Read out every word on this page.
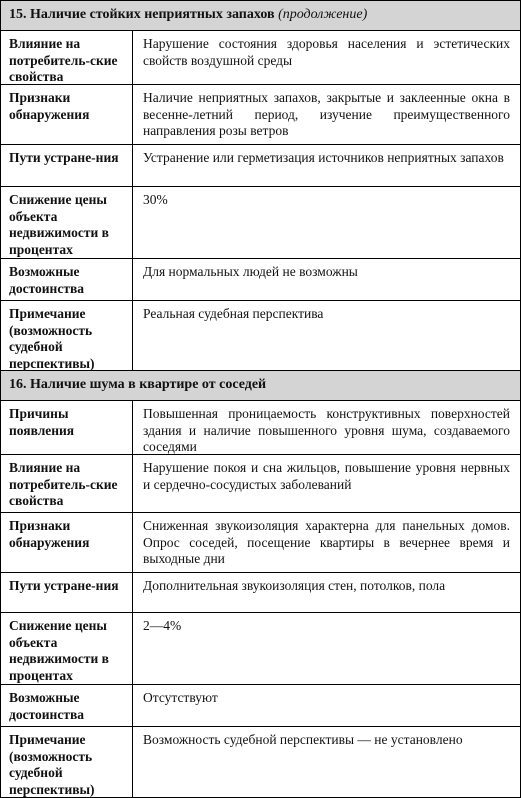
15. Наличие стойких неприятных запахов (продолжение)
Влияние на потребитель-ские свойства
Нарушение состояния здоровья населения и эстетических свойств воздушной среды
Признаки обнаружения
Наличие неприятных запахов, закрытые и заклеенные окна в весенне-летний период, изучение преимущественного направления розы ветров
Пути устране-ния	Устранение или герметизация источников неприятных запахов
Снижение цены объекта недвижимости в процентах
30%
Возможные достоинства
Для нормальных людей не возможны
Примечание (возможность судебной перспективы)
Реальная судебная перспектива
16. Наличие шума в квартире от соседей
Причины появления
Повышенная проницаемость конструктивных поверхностей здания и наличие повышенного уровня шума, создаваемого соседями
Влияние на потребитель-ские свойства
Нарушение покоя и сна жильцов, повышение уровня нервных и сердечно-сосудистых заболеваний
Признаки обнаружения
Сниженная звукоизоляция характерна для панельных домов. Опрос соседей, посещение квартиры в вечернее время и выходные дни
Пути устране-ния	Дополнительная звукоизоляция стен, потолков, пола
Снижение цены объекта недвижимости в процентах
2—4%
Возможные достоинства
Отсутствуют
Примечание (возможность судебной перспективы)
Возможность судебной перспективы — не установлено
